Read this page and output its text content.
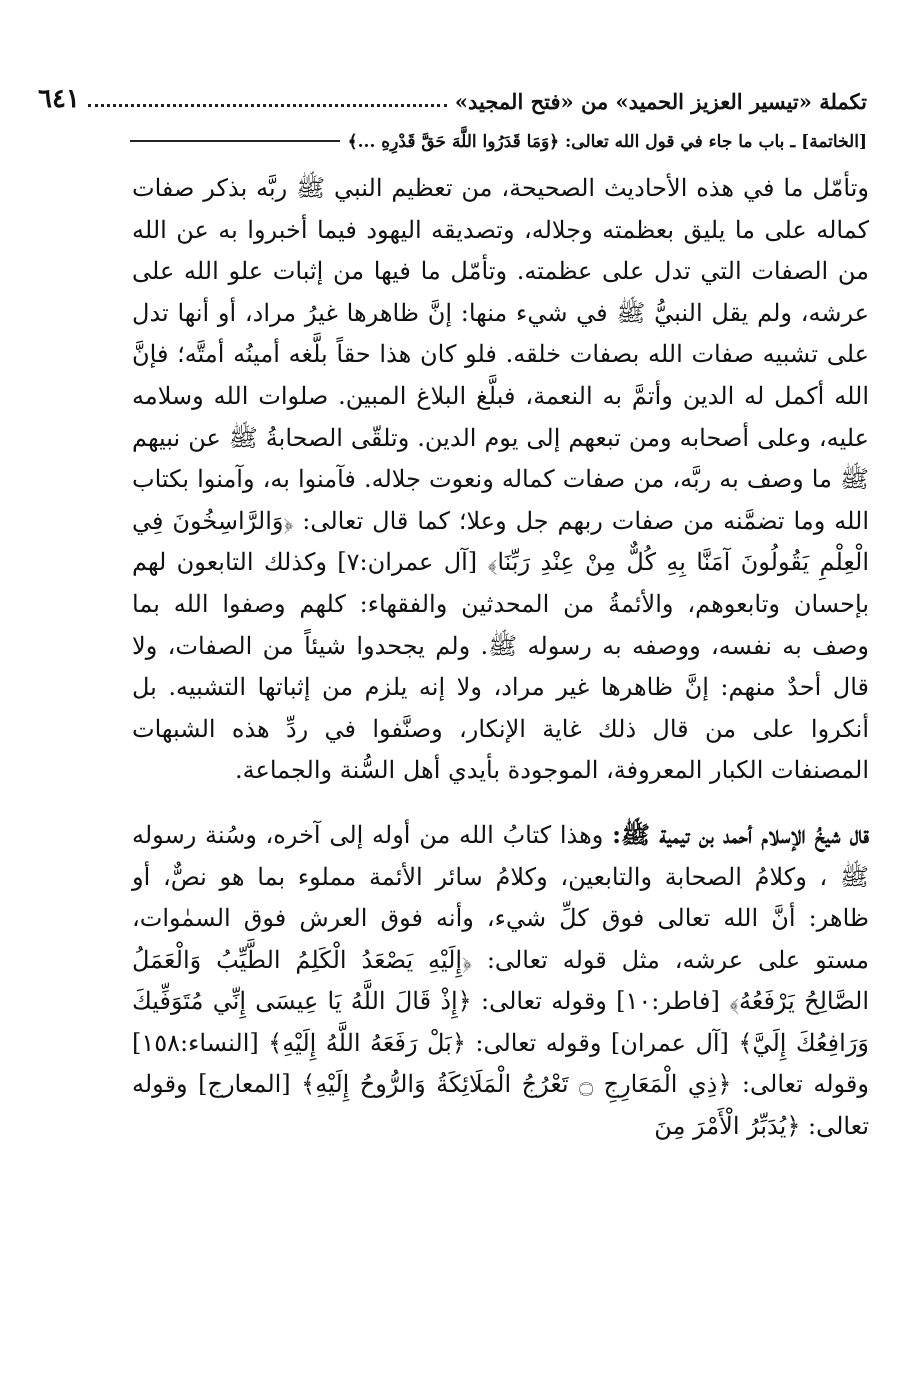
تكملة «تيسير العزيز الحميد» من «فتح المجيد»
٦٤١
[الخاتمة] ـ باب ما جاء في قول الله تعالى: ﴿وَمَا قَدَرُوا اللَّهَ حَقَّ قَدْرِهِ ...﴾

وتأمّل ما في هذه الأحاديث الصحيحة، من تعظيم النبي ﷺ ربَّه بذكر صفات كماله على ما يليق بعظمته وجلاله، وتصديقه اليهود فيما أخبروا به عن الله من الصفات التي تدل على عظمته. وتأمّل ما فيها من إثبات علو الله على عرشه، ولم يقل النبيُّ ﷺ في شيء منها: إنَّ ظاهرها غيرُ مراد، أو أنها تدل على تشبيه صفات الله بصفات خلقه. فلو كان هذا حقاً بلَّغه أمينُه أمتَّه؛ فإنَّ الله أكمل له الدين وأتمَّ به النعمة، فبلَّغ البلاغ المبين. صلوات الله وسلامه عليه، وعلى أصحابه ومن تبعهم إلى يوم الدين. وتلقّى الصحابةُ ﷺ عن نبيهم ﷺ ما وصف به ربَّه، من صفات كماله ونعوت جلاله. فآمنوا به، وآمنوا بكتاب الله وما تضمَّنه من صفات ربهم جل وعلا؛ كما قال تعالى: ﴿وَالرَّاسِخُونَ فِي الْعِلْمِ يَقُولُونَ آمَنَّا بِهِ كُلٌّ مِنْ عِنْدِ رَبِّنَا﴾ [آل عمران:٧] وكذلك التابعون لهم بإحسان وتابعوهم، والأئمةُ من المحدثين والفقهاء: كلهم وصفوا الله بما وصف به نفسه، ووصفه به رسوله ﷺ. ولم يجحدوا شيئاً من الصفات، ولا قال أحدٌ منهم: إنَّ ظاهرها غير مراد، ولا إنه يلزم من إثباتها التشبيه. بل أنكروا على من قال ذلك غاية الإنكار، وصنَّفوا في ردِّ هذه الشبهات المصنفات الكبار المعروفة، الموجودة بأيدي أهل السُّنة والجماعة.

قال شيخُ الإسلام أحمد بن تيمية ﷺ: وهذا كتابُ الله من أوله إلى آخره، وسُنة رسوله ﷺ ، وكلامُ الصحابة والتابعين، وكلامُ سائر الأئمة مملوء بما هو نصٌّ، أو ظاهر: أنَّ الله تعالى فوق كلِّ شيء، وأنه فوق العرش فوق السمٰوات، مستو على عرشه، مثل قوله تعالى: ﴿إِلَيْهِ يَصْعَدُ الْكَلِمُ الطَّيِّبُ وَالْعَمَلُ الصَّالِحُ يَرْفَعُهُ﴾ [فاطر:١٠] وقوله تعالى: ﴿إِذْ قَالَ اللَّهُ يَا عِيسَى إِنِّي مُتَوَفِّيكَ وَرَافِعُكَ إِلَيَّ﴾ [آل عمران] وقوله تعالى: ﴿بَلْ رَفَعَهُ اللَّهُ إِلَيْهِ﴾ [النساء:١٥٨] وقوله تعالى: ﴿ذِي الْمَعَارِجِ ۝ تَعْرُجُ الْمَلَائِكَةُ وَالرُّوحُ إِلَيْهِ﴾ [المعارج] وقوله تعالى: ﴿يُدَبِّرُ الْأَمْرَ مِنَ
